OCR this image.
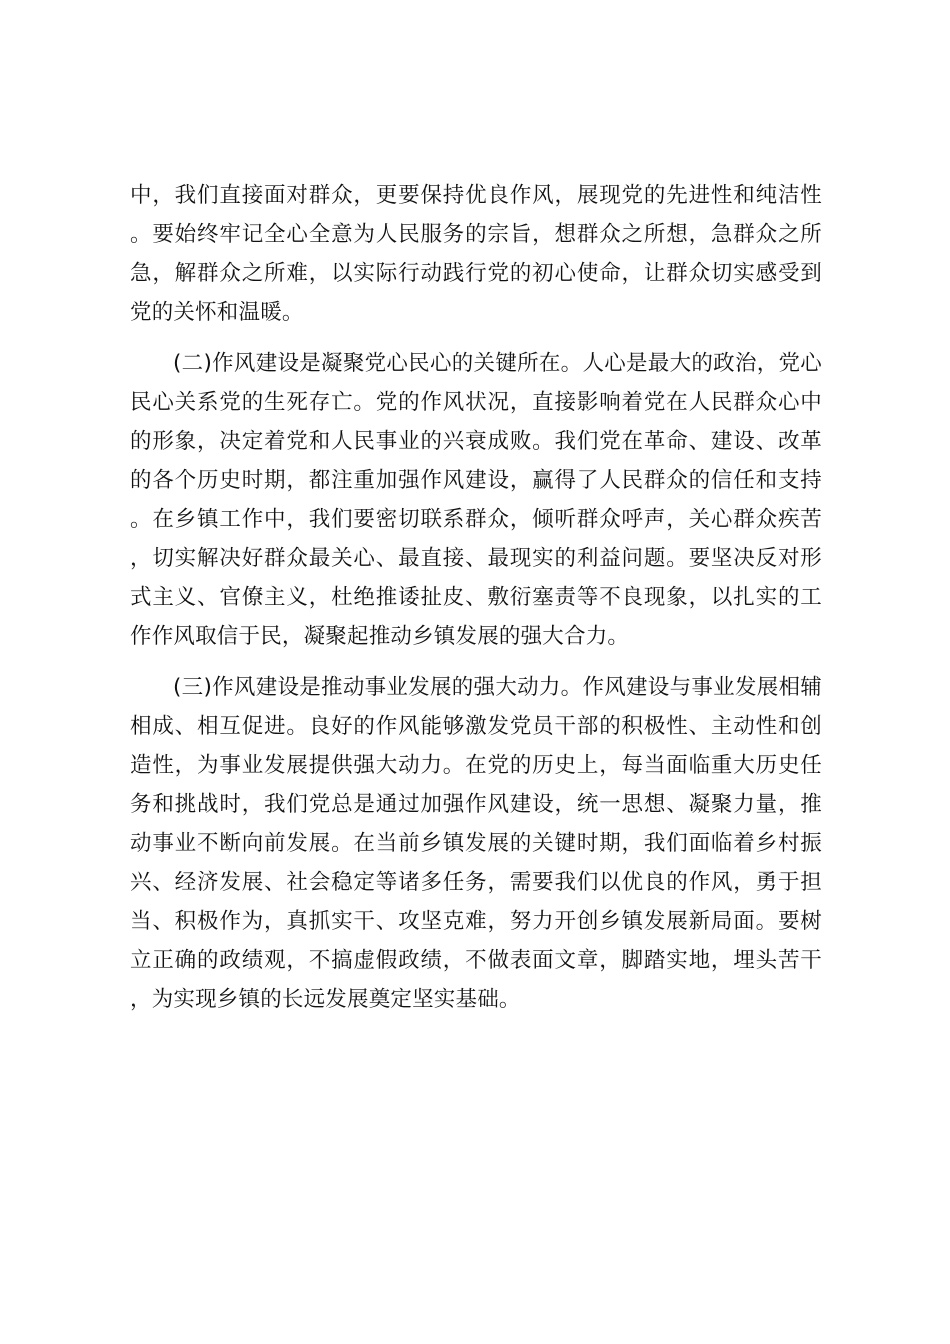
中，我们直接面对群众，更要保持优良作风，展现党的先进性和纯洁性。要始终牢记全心全意为人民服务的宗旨，想群众之所想，急群众之所急，解群众之所难，以实际行动践行党的初心使命，让群众切实感受到党的关怀和温暖。

(二)作风建设是凝聚党心民心的关键所在。人心是最大的政治，党心民心关系党的生死存亡。党的作风状况，直接影响着党在人民群众心中的形象，决定着党和人民事业的兴衰成败。我们党在革命、建设、改革的各个历史时期，都注重加强作风建设，赢得了人民群众的信任和支持。在乡镇工作中，我们要密切联系群众，倾听群众呼声，关心群众疾苦，切实解决好群众最关心、最直接、最现实的利益问题。要坚决反对形式主义、官僚主义，杜绝推诿扯皮、敷衍塞责等不良现象，以扎实的工作作风取信于民，凝聚起推动乡镇发展的强大合力。

(三)作风建设是推动事业发展的强大动力。作风建设与事业发展相辅相成、相互促进。良好的作风能够激发党员干部的积极性、主动性和创造性，为事业发展提供强大动力。在党的历史上，每当面临重大历史任务和挑战时，我们党总是通过加强作风建设，统一思想、凝聚力量，推动事业不断向前发展。在当前乡镇发展的关键时期，我们面临着乡村振兴、经济发展、社会稳定等诸多任务，需要我们以优良的作风，勇于担当、积极作为，真抓实干、攻坚克难，努力开创乡镇发展新局面。要树立正确的政绩观，不搞虚假政绩，不做表面文章，脚踏实地，埋头苦干，为实现乡镇的长远发展奠定坚实基础。
